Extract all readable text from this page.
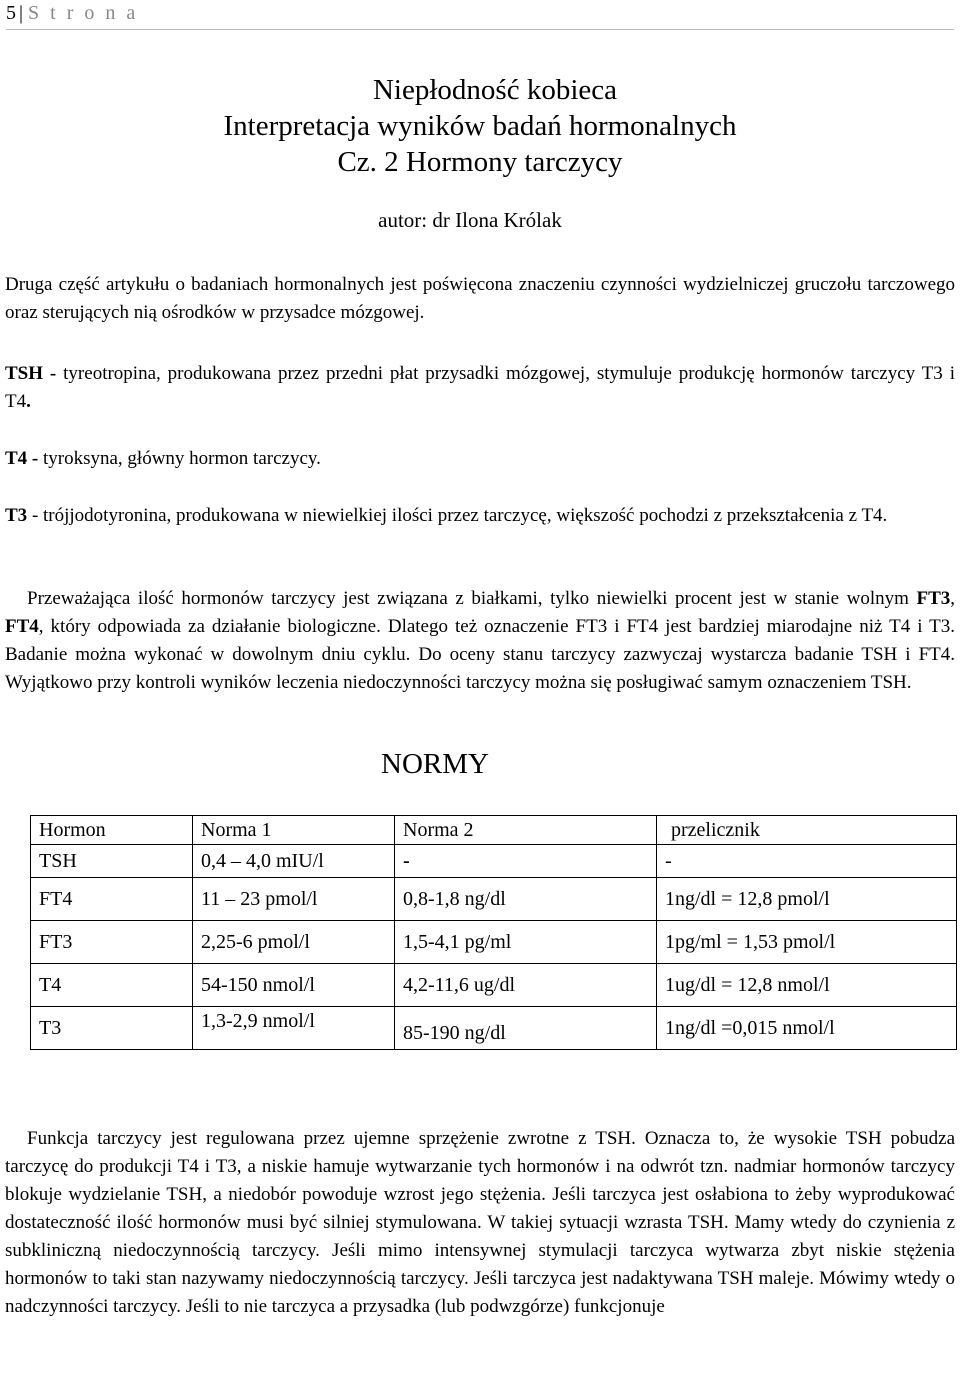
5 | S t r o n a
Niepłodność kobieca
Interpretacja wyników badań hormonalnych
Cz. 2 Hormony tarczycy
autor: dr Ilona Królak
Druga część artykułu o badaniach hormonalnych jest poświęcona znaczeniu czynności wydzielniczej gruczołu tarczowego oraz sterujących nią ośrodków w przysadce mózgowej.
TSH - tyreotropina, produkowana przez przedni płat przysadki mózgowej, stymuluje produkcję hormonów tarczycy T3 i T4.
T4 - tyroksyna, główny hormon tarczycy.
T3 - trójjodotyronina, produkowana w niewielkiej ilości przez tarczycę, większość pochodzi z przekształcenia z T4.
Przeważająca ilość hormonów tarczycy jest związana z białkami, tylko niewielki procent jest w stanie wolnym FT3, FT4, który odpowiada za działanie biologiczne. Dlatego też oznaczenie FT3 i FT4 jest bardziej miarodajne niż T4 i T3. Badanie można wykonać w dowolnym dniu cyklu. Do oceny stanu tarczycy zazwyczaj wystarcza badanie TSH i FT4. Wyjątkowo przy kontroli wyników leczenia niedoczynności tarczycy można się posługiwać samym oznaczeniem TSH.
NORMY
Hormon	Norma 1	Norma 2	przelicznik
TSH	0,4 – 4,0 mIU/l	-	-
FT4	11 – 23 pmol/l	0,8-1,8 ng/dl	1ng/dl = 12,8 pmol/l
FT3	2,25-6 pmol/l	1,5-4,1 pg/ml	1pg/ml = 1,53 pmol/l
T4	54-150 nmol/l	4,2-11,6 ug/dl	1ug/dl = 12,8 nmol/l
T3	1,3-2,9 nmol/l	85-190 ng/dl	1ng/dl =0,015 nmol/l
Funkcja tarczycy jest regulowana przez ujemne sprzężenie zwrotne z TSH. Oznacza to, że wysokie TSH pobudza tarczycę do produkcji T4 i T3, a niskie hamuje wytwarzanie tych hormonów i na odwrót tzn. nadmiar hormonów tarczycy blokuje wydzielanie TSH, a niedobór powoduje wzrost jego stężenia. Jeśli tarczyca jest osłabiona to żeby wyprodukować dostateczność ilość hormonów musi być silniej stymulowana. W takiej sytuacji wzrasta TSH. Mamy wtedy do czynienia z subkliniczną niedoczynnością tarczycy. Jeśli mimo intensywnej stymulacji tarczyca wytwarza zbyt niskie stężenia hormonów to taki stan nazywamy niedoczynnością tarczycy. Jeśli tarczyca jest nadaktywana TSH maleje. Mówimy wtedy o nadczynności tarczycy. Jeśli to nie tarczyca a przysadka (lub podwzgórze) funkcjonuje
